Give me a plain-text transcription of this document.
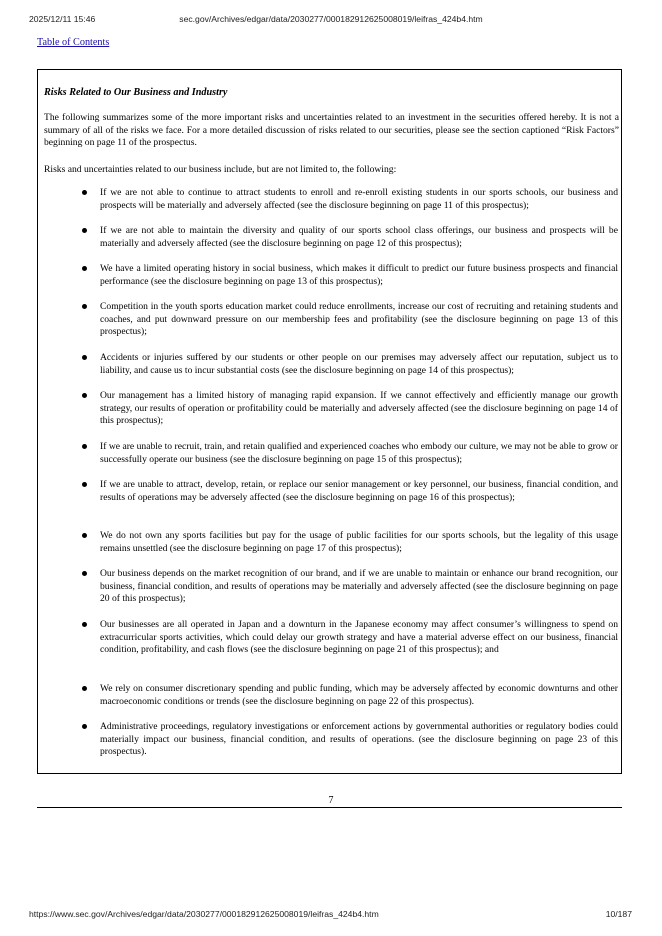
2025/12/11 15:46	sec.gov/Archives/edgar/data/2030277/000182912625008019/leifras_424b4.htm
Table of Contents
Risks Related to Our Business and Industry
The following summarizes some of the more important risks and uncertainties related to an investment in the securities offered hereby. It is not a summary of all of the risks we face. For a more detailed discussion of risks related to our securities, please see the section captioned “Risk Factors” beginning on page 11 of the prospectus.
Risks and uncertainties related to our business include, but are not limited to, the following:
If we are not able to continue to attract students to enroll and re-enroll existing students in our sports schools, our business and prospects will be materially and adversely affected (see the disclosure beginning on page 11 of this prospectus);
If we are not able to maintain the diversity and quality of our sports school class offerings, our business and prospects will be materially and adversely affected (see the disclosure beginning on page 12 of this prospectus);
We have a limited operating history in social business, which makes it difficult to predict our future business prospects and financial performance (see the disclosure beginning on page 13 of this prospectus);
Competition in the youth sports education market could reduce enrollments, increase our cost of recruiting and retaining students and coaches, and put downward pressure on our membership fees and profitability (see the disclosure beginning on page 13 of this prospectus);
Accidents or injuries suffered by our students or other people on our premises may adversely affect our reputation, subject us to liability, and cause us to incur substantial costs (see the disclosure beginning on page 14 of this prospectus);
Our management has a limited history of managing rapid expansion. If we cannot effectively and efficiently manage our growth strategy, our results of operation or profitability could be materially and adversely affected (see the disclosure beginning on page 14 of this prospectus);
If we are unable to recruit, train, and retain qualified and experienced coaches who embody our culture, we may not be able to grow or successfully operate our business (see the disclosure beginning on page 15 of this prospectus);
If we are unable to attract, develop, retain, or replace our senior management or key personnel, our business, financial condition, and results of operations may be adversely affected (see the disclosure beginning on page 16 of this prospectus);
We do not own any sports facilities but pay for the usage of public facilities for our sports schools, but the legality of this usage remains unsettled (see the disclosure beginning on page 17 of this prospectus);
Our business depends on the market recognition of our brand, and if we are unable to maintain or enhance our brand recognition, our business, financial condition, and results of operations may be materially and adversely affected (see the disclosure beginning on page 20 of this prospectus);
Our businesses are all operated in Japan and a downturn in the Japanese economy may affect consumer’s willingness to spend on extracurricular sports activities, which could delay our growth strategy and have a material adverse effect on our business, financial condition, profitability, and cash flows (see the disclosure beginning on page 21 of this prospectus); and
We rely on consumer discretionary spending and public funding, which may be adversely affected by economic downturns and other macroeconomic conditions or trends (see the disclosure beginning on page 22 of this prospectus).
Administrative proceedings, regulatory investigations or enforcement actions by governmental authorities or regulatory bodies could materially impact our business, financial condition, and results of operations. (see the disclosure beginning on page 23 of this prospectus).
7
https://www.sec.gov/Archives/edgar/data/2030277/000182912625008019/leifras_424b4.htm	10/187
